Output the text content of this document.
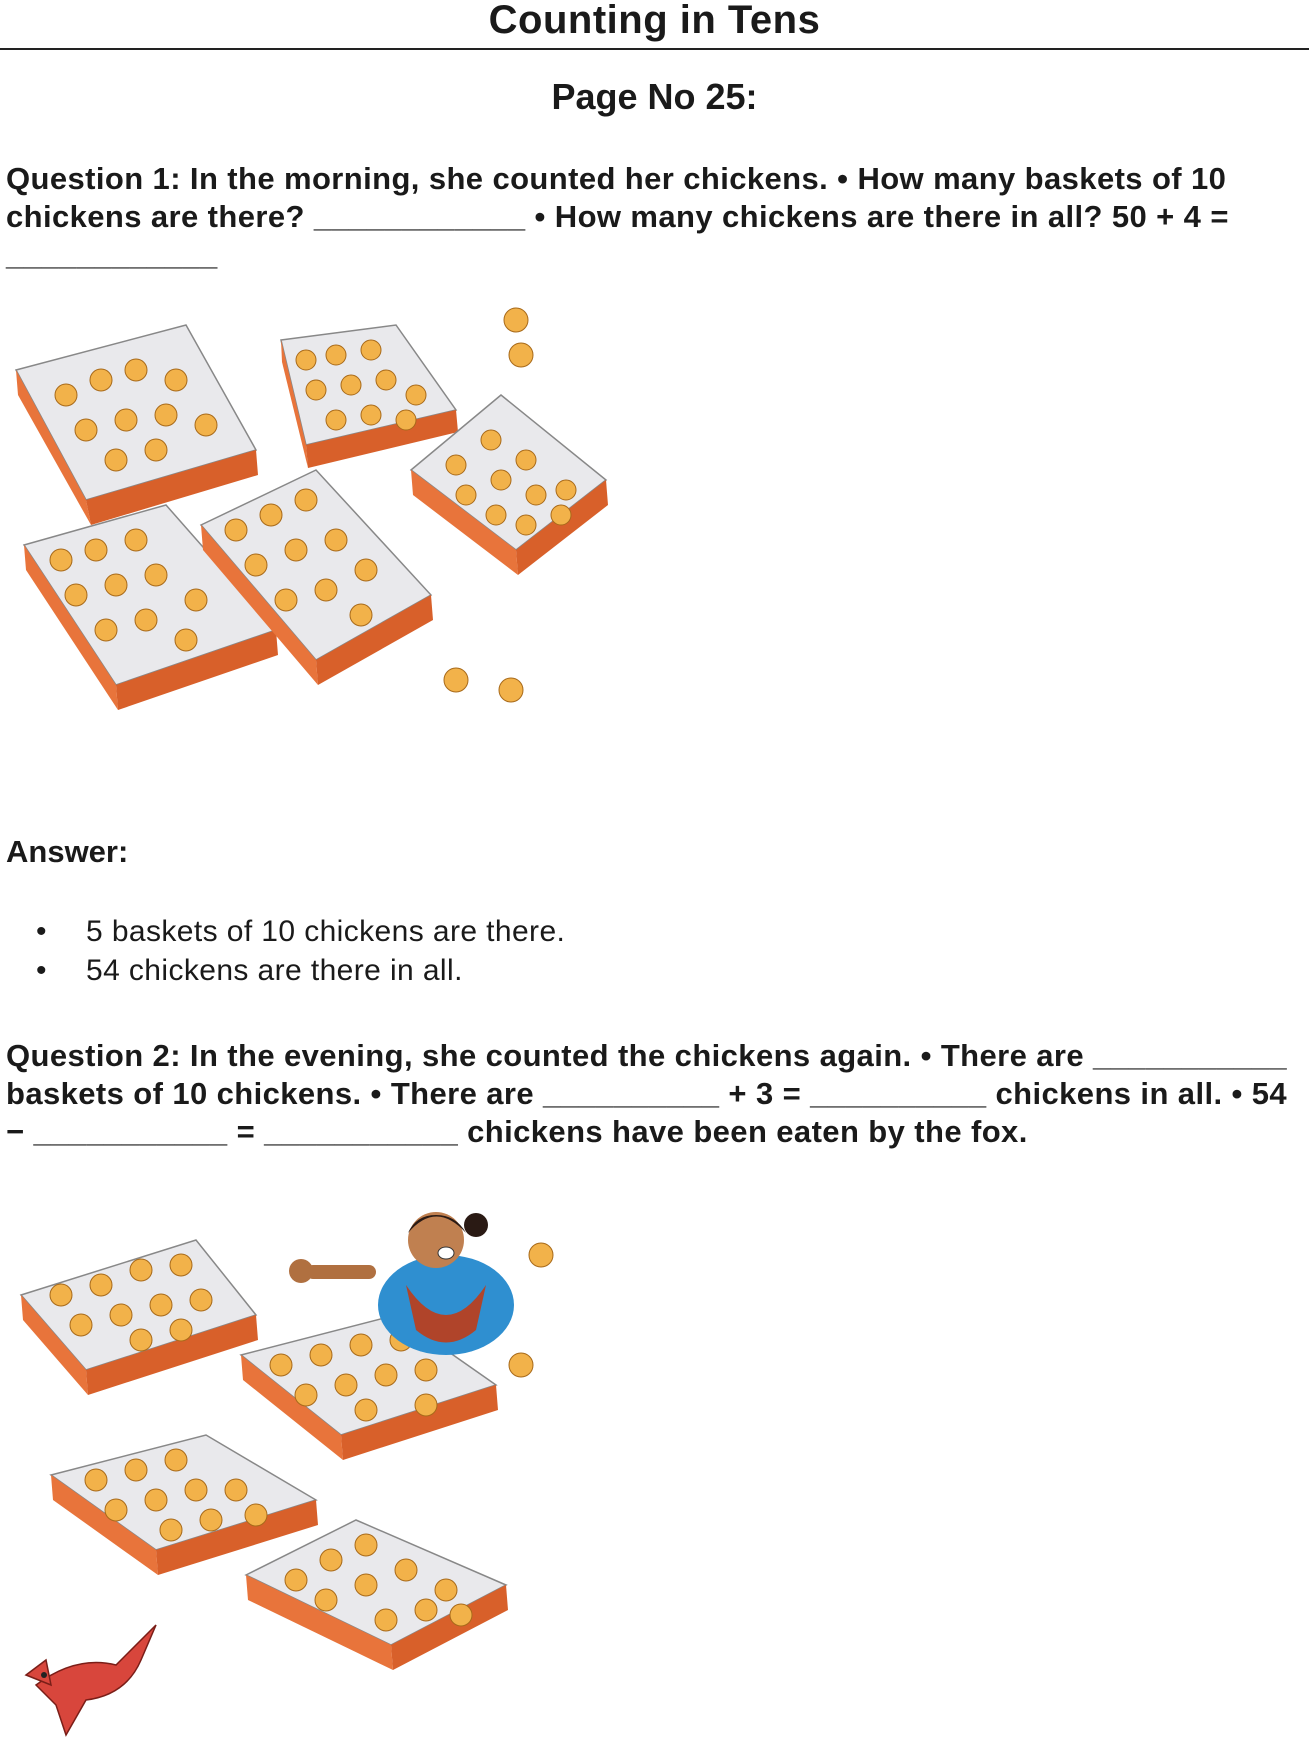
Counting in Tens
Page No 25:
Question 1: In the morning, she counted her chickens. • How many baskets of 10 chickens are there? ____________ • How many chickens are there in all? 50 + 4 = ____________
Answer:
• 5 baskets of 10 chickens are there.
• 54 chickens are there in all.
Question 2: In the evening, she counted the chickens again. • There are ___________ baskets of 10 chickens. • There are __________ + 3 = __________ chickens in all. • 54 − ___________ = ___________ chickens have been eaten by the fox.
